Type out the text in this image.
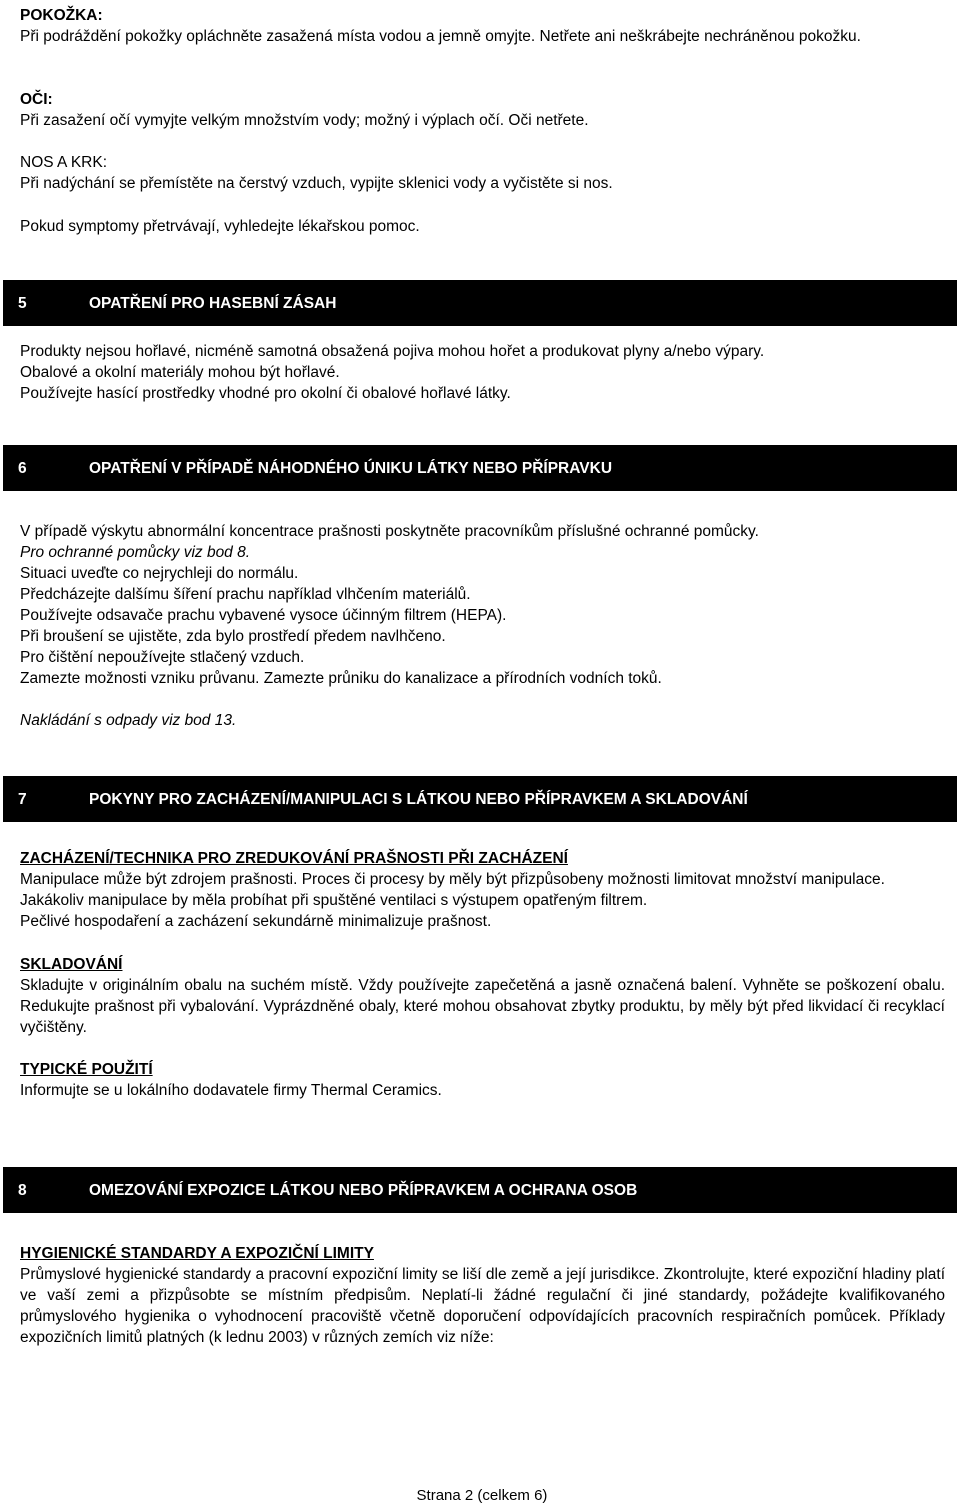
POKOŽKA:

Při podráždění pokožky opláchněte zasažená místa vodou a jemně omyjte. Netřete ani neškrábejte nechráněnou pokožku.

OČI:

Při zasažení očí vymyjte velkým množstvím vody; možný i výplach očí. Oči netřete.

NOS A KRK:

Při nadýchání se přemístěte na čerstvý vzduch, vypijte sklenici vody a vyčistěte si nos.

Pokud symptomy přetrvávají, vyhledejte lékařskou pomoc.

5	OPATŘENÍ PRO HASEBNÍ ZÁSAH

Produkty nejsou hořlavé, nicméně samotná obsažená pojiva mohou hořet a produkovat plyny a/nebo výpary.

Obalové a okolní materiály mohou být hořlavé.

Používejte hasící prostředky vhodné pro okolní či obalové hořlavé látky.

6	OPATŘENÍ V PŘÍPADĚ NÁHODNÉHO ÚNIKU LÁTKY NEBO PŘÍPRAVKU

V případě výskytu abnormální koncentrace prašnosti poskytněte pracovníkům příslušné ochranné pomůcky.

Pro ochranné pomůcky viz bod 8.

Situaci uveďte co nejrychleji do normálu.

Předcházejte dalšímu šíření prachu například vlhčením materiálů.

Používejte odsavače prachu vybavené vysoce účinným filtrem (HEPA).

Při broušení se ujistěte, zda bylo prostředí předem navlhčeno.

Pro čištění nepoužívejte stlačený vzduch.

Zamezte možnosti vzniku průvanu. Zamezte průniku do kanalizace a přírodních vodních toků.

Nakládání s odpady viz bod 13.

7	POKYNY PRO ZACHÁZENÍ/MANIPULACI S LÁTKOU NEBO PŘÍPRAVKEM A SKLADOVÁNÍ

ZACHÁZENÍ/TECHNIKA PRO ZREDUKOVÁNÍ PRAŠNOSTI PŘI ZACHÁZENÍ

Manipulace může být zdrojem prašnosti. Proces či procesy by měly být přizpůsobeny možnosti limitovat množství manipulace. Jakákoliv manipulace by měla probíhat při spuštěné ventilaci s výstupem opatřeným filtrem.

Pečlivé hospodaření a zacházení sekundárně minimalizuje prašnost.

SKLADOVÁNÍ

Skladujte v originálním obalu na suchém místě. Vždy používejte zapečetěná a jasně označená balení. Vyhněte se poškození obalu. Redukujte prašnost při vybalování. Vyprázdněné obaly, které mohou obsahovat zbytky produktu, by měly být před likvidací či recyklací vyčištěny.

TYPICKÉ POUŽITÍ

Informujte se u lokálního dodavatele firmy Thermal Ceramics.

8	OMEZOVÁNÍ EXPOZICE LÁTKOU NEBO PŘÍPRAVKEM A OCHRANA OSOB

HYGIENICKÉ STANDARDY A EXPOZIČNÍ LIMITY

Průmyslové hygienické standardy a pracovní expoziční limity se liší dle země a její jurisdikce. Zkontrolujte, které expoziční hladiny platí ve vaší zemi a přizpůsobte se místním předpisům. Neplatí-li žádné regulační či jiné standardy, požádejte kvalifikovaného průmyslového hygienika o vyhodnocení pracoviště včetně doporučení odpovídajících pracovních respiračních pomůcek. Příklady expozičních limitů platných (k lednu 2003) v různých zemích viz níže:

Strana 2 (celkem 6)
